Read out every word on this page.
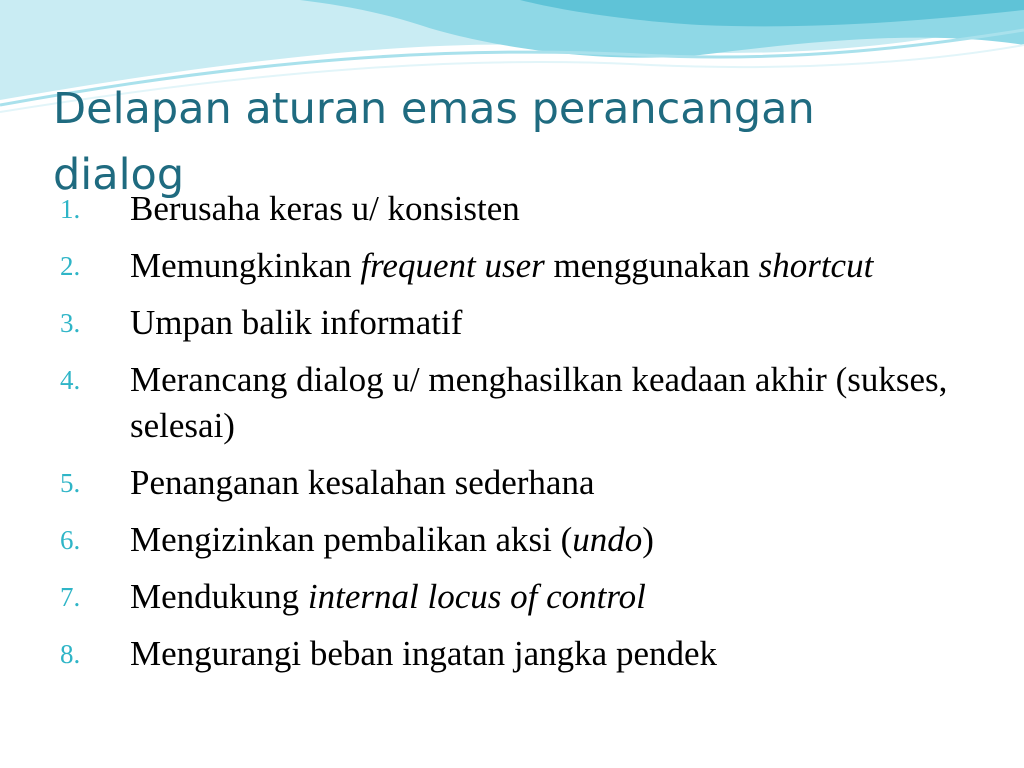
Delapan aturan emas perancangan dialog
1.	Berusaha keras u/ konsisten
2.	Memungkinkan frequent user menggunakan shortcut
3.	Umpan balik informatif
4.	Merancang dialog u/ menghasilkan keadaan akhir (sukses, selesai)
5.	Penanganan kesalahan sederhana
6.	Mengizinkan pembalikan aksi (undo)
7.	Mendukung internal locus of control
8.	Mengurangi beban ingatan jangka pendek
